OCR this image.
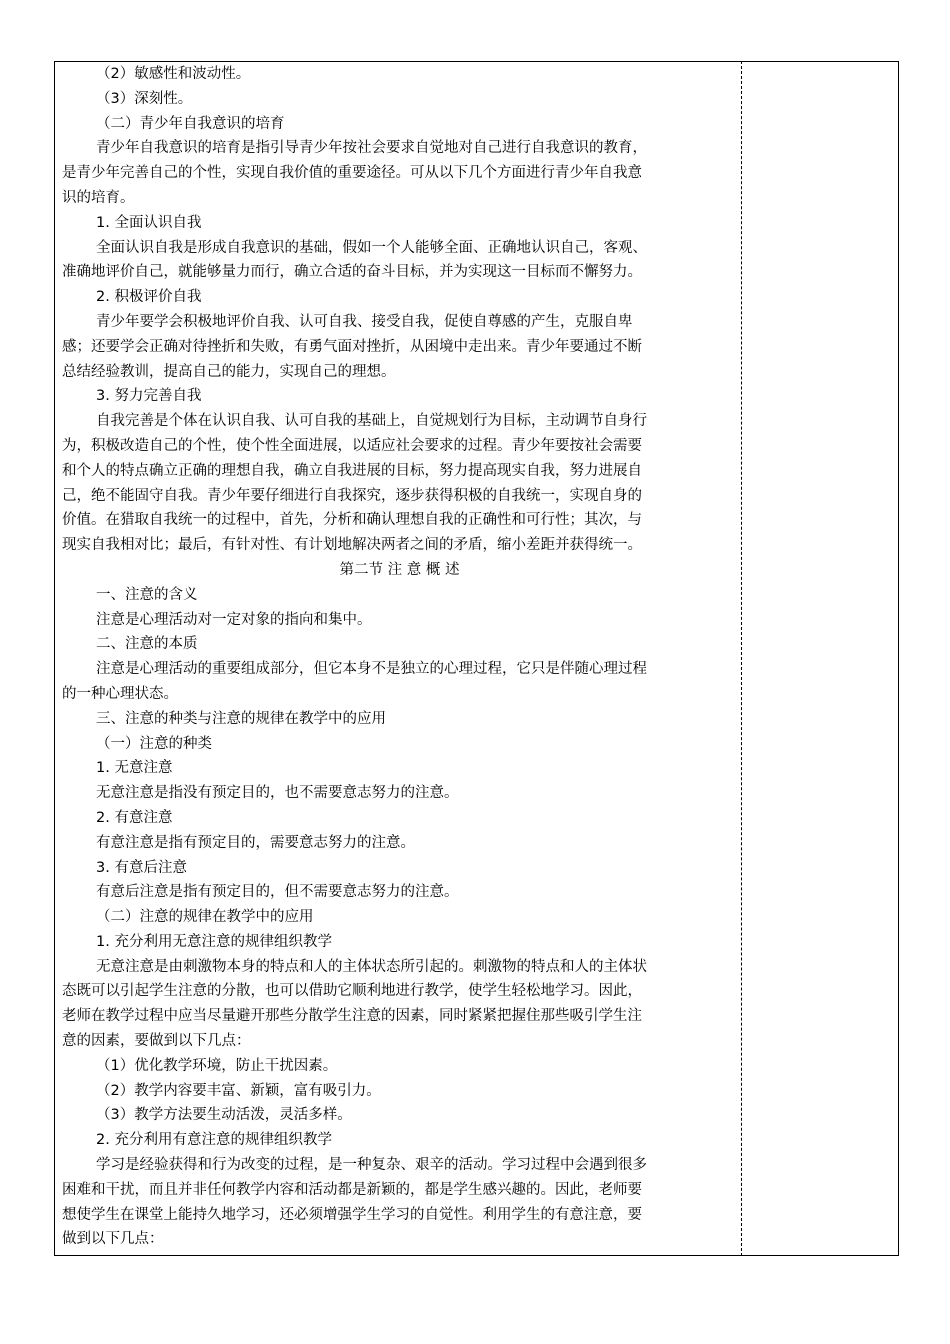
（2）敏感性和波动性。
（3）深刻性。
（二）青少年自我意识的培育
青少年自我意识的培育是指引导青少年按社会要求自觉地对自己进行自我意识的教育，
是青少年完善自己的个性，实现自我价值的重要途径。可从以下几个方面进行青少年自我意
识的培育。
1. 全面认识自我
全面认识自我是形成自我意识的基础，假如一个人能够全面、正确地认识自己，客观、
准确地评价自己，就能够量力而行，确立合适的奋斗目标，并为实现这一目标而不懈努力。
2. 积极评价自我
青少年要学会积极地评价自我、认可自我、接受自我，促使自尊感的产生，克服自卑
感；还要学会正确对待挫折和失败，有勇气面对挫折，从困境中走出来。青少年要通过不断
总结经验教训，提高自己的能力，实现自己的理想。
3. 努力完善自我
自我完善是个体在认识自我、认可自我的基础上，自觉规划行为目标，主动调节自身行
为，积极改造自己的个性，使个性全面进展，以适应社会要求的过程。青少年要按社会需要
和个人的特点确立正确的理想自我，确立自我进展的目标，努力提高现实自我，努力进展自
己，绝不能固守自我。青少年要仔细进行自我探究，逐步获得积极的自我统一，实现自身的
价值。在猎取自我统一的过程中，首先，分析和确认理想自我的正确性和可行性；其次，与
现实自我相对比；最后，有针对性、有计划地解决两者之间的矛盾，缩小差距并获得统一。
第二节 注 意 概 述
一、注意的含义
注意是心理活动对一定对象的指向和集中。
二、注意的本质
注意是心理活动的重要组成部分，但它本身不是独立的心理过程，它只是伴随心理过程
的一种心理状态。
三、注意的种类与注意的规律在教学中的应用
（一）注意的种类
1. 无意注意
无意注意是指没有预定目的，也不需要意志努力的注意。
2. 有意注意
有意注意是指有预定目的，需要意志努力的注意。
3. 有意后注意
有意后注意是指有预定目的，但不需要意志努力的注意。
（二）注意的规律在教学中的应用
1. 充分利用无意注意的规律组织教学
无意注意是由刺激物本身的特点和人的主体状态所引起的。刺激物的特点和人的主体状
态既可以引起学生注意的分散，也可以借助它顺利地进行教学，使学生轻松地学习。因此，
老师在教学过程中应当尽量避开那些分散学生注意的因素，同时紧紧把握住那些吸引学生注
意的因素，要做到以下几点：
（1）优化教学环境，防止干扰因素。
（2）教学内容要丰富、新颖，富有吸引力。
（3）教学方法要生动活泼，灵活多样。
2. 充分利用有意注意的规律组织教学
学习是经验获得和行为改变的过程，是一种复杂、艰辛的活动。学习过程中会遇到很多
困难和干扰，而且并非任何教学内容和活动都是新颖的，都是学生感兴趣的。因此，老师要
想使学生在课堂上能持久地学习，还必须增强学生学习的自觉性。利用学生的有意注意，要
做到以下几点：
